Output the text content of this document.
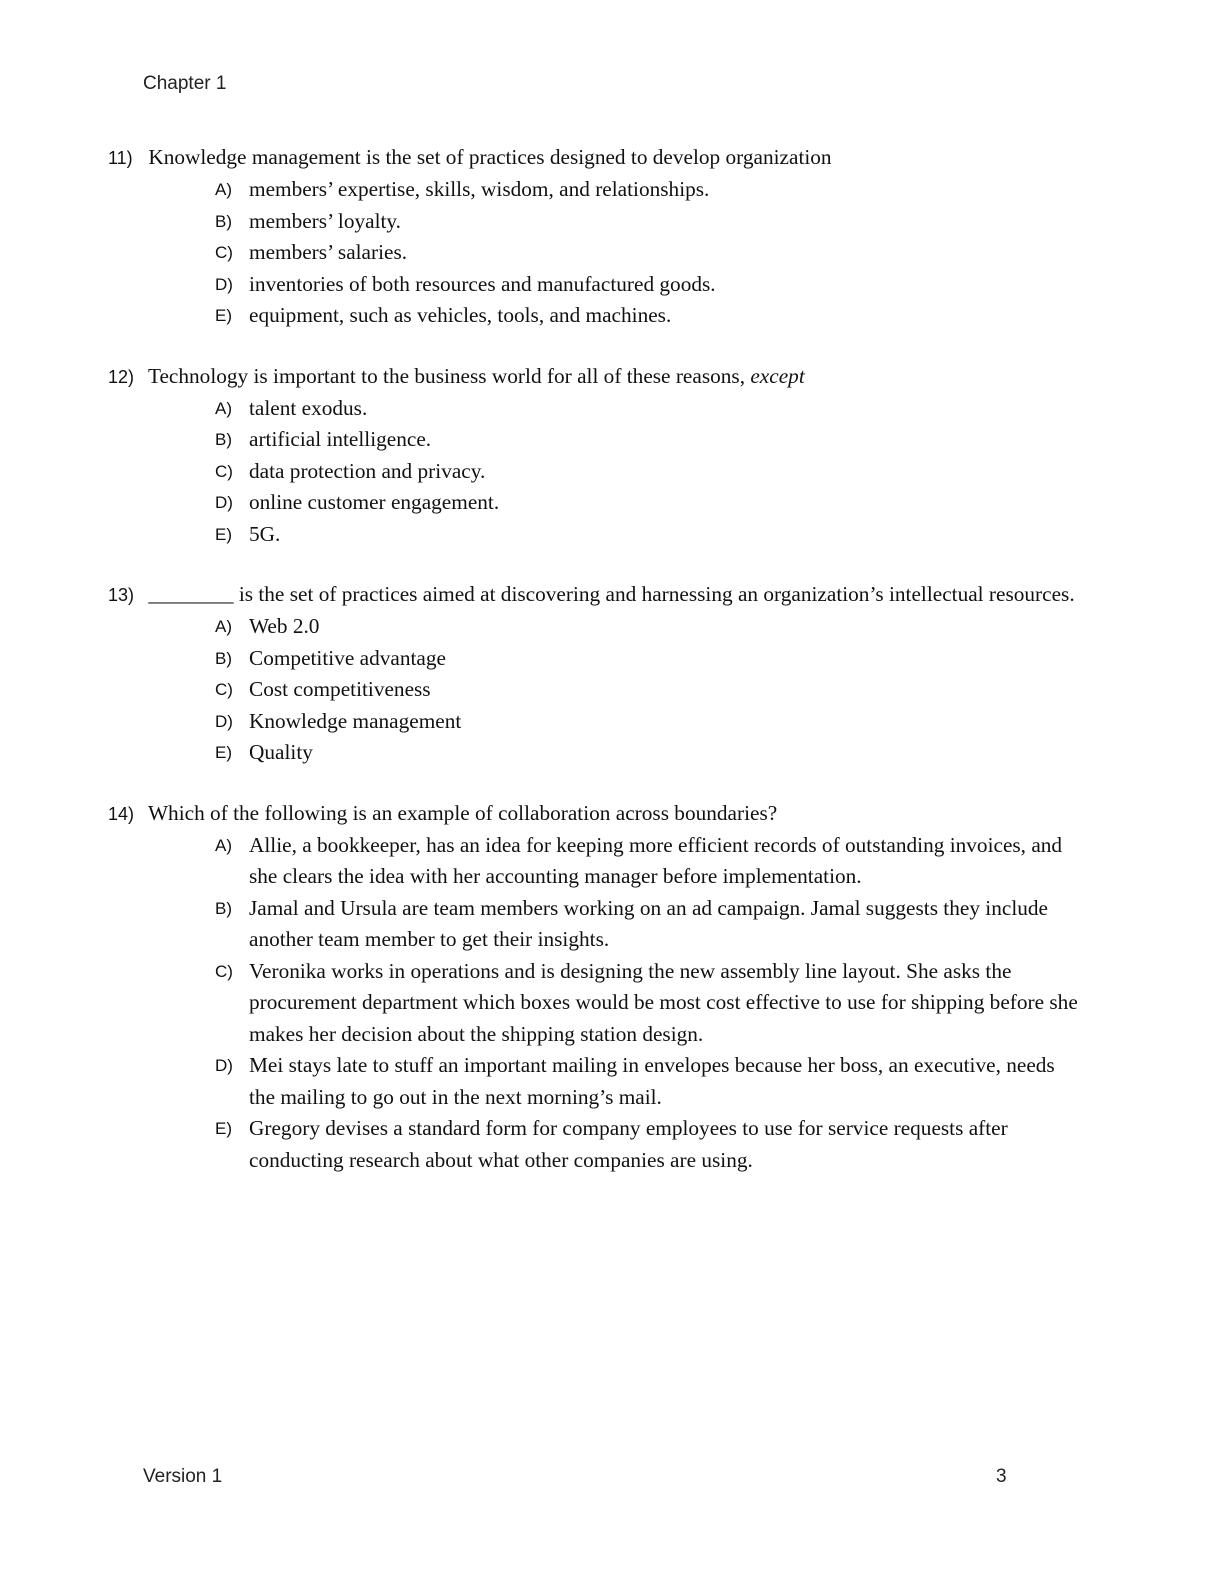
Chapter 1
11) Knowledge management is the set of practices designed to develop organization
A) members’ expertise, skills, wisdom, and relationships.
B) members’ loyalty.
C) members’ salaries.
D) inventories of both resources and manufactured goods.
E) equipment, such as vehicles, tools, and machines.
12) Technology is important to the business world for all of these reasons, except
A) talent exodus.
B) artificial intelligence.
C) data protection and privacy.
D) online customer engagement.
E) 5G.
13) ________ is the set of practices aimed at discovering and harnessing an organization’s intellectual resources.
A) Web 2.0
B) Competitive advantage
C) Cost competitiveness
D) Knowledge management
E) Quality
14) Which of the following is an example of collaboration across boundaries?
A) Allie, a bookkeeper, has an idea for keeping more efficient records of outstanding invoices, and she clears the idea with her accounting manager before implementation.
B) Jamal and Ursula are team members working on an ad campaign. Jamal suggests they include another team member to get their insights.
C) Veronika works in operations and is designing the new assembly line layout. She asks the procurement department which boxes would be most cost effective to use for shipping before she makes her decision about the shipping station design.
D) Mei stays late to stuff an important mailing in envelopes because her boss, an executive, needs the mailing to go out in the next morning’s mail.
E) Gregory devises a standard form for company employees to use for service requests after conducting research about what other companies are using.
Version 1	3
